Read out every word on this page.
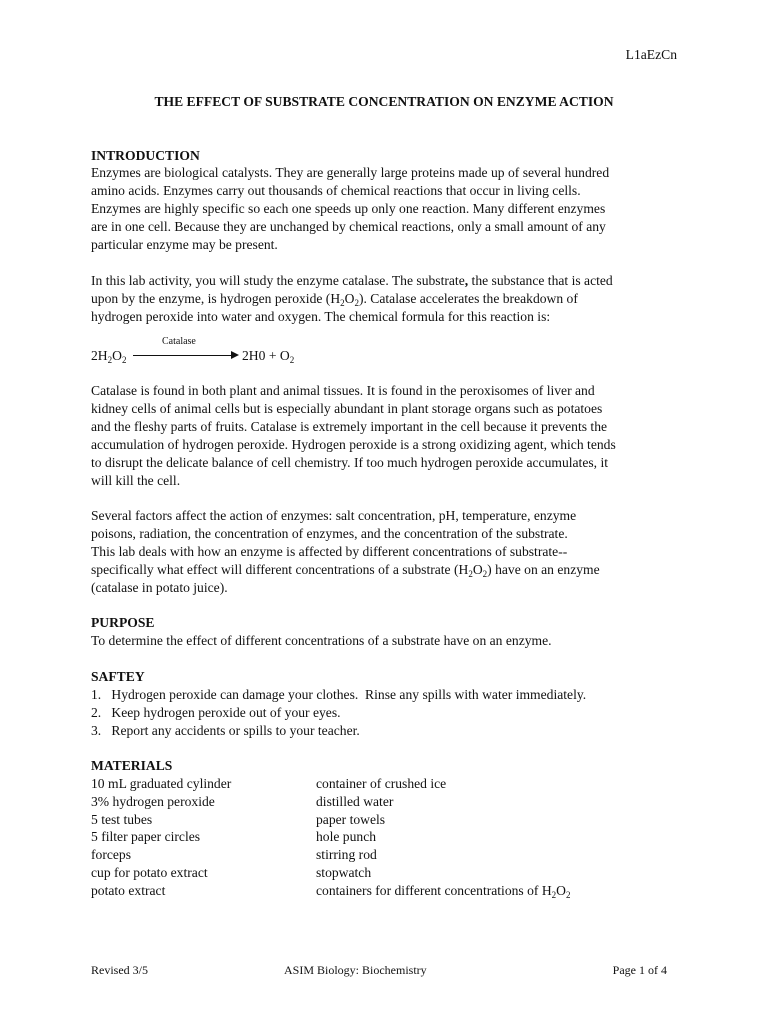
L1aEzCn
THE EFFECT OF SUBSTRATE CONCENTRATION ON ENZYME ACTION
INTRODUCTION

Enzymes are biological catalysts. They are generally large proteins made up of several hundred
amino acids. Enzymes carry out thousands of chemical reactions that occur in living cells.
Enzymes are highly specific so each one speeds up only one reaction. Many different enzymes
are in one cell. Because they are unchanged by chemical reactions, only a small amount of any
particular enzyme may be present.

In this lab activity, you will study the enzyme catalase. The substrate, the substance that is acted
upon by the enzyme, is hydrogen peroxide $(H_2O_2)$. Catalase accelerates the breakdown of
hydrogen peroxide into water and oxygen. The chemical formula for this reaction is:

Catalase
$2H_2O_2$	$2H0 + O_2$

Catalase is found in both plant and animal tissues. It is found in the peroxisomes of liver and
kidney cells of animal cells but is especially abundant in plant storage organs such as potatoes
and the fleshy parts of fruits. Catalase is extremely important in the cell because it prevents the
accumulation of hydrogen peroxide. Hydrogen peroxide is a strong oxidizing agent, which tends
to disrupt the delicate balance of cell chemistry. If too much hydrogen peroxide accumulates, it
will kill the cell.

Several factors affect the action of enzymes: salt concentration, pH, temperature, enzyme
poisons, radiation, the concentration of enzymes, and the concentration of the substrate.
This lab deals with how an enzyme is affected by different concentrations of substrate--
specifically what effect will different concentrations of a substrate $(H_2O_2)$ have on an enzyme
(catalase in potato juice).

PURPOSE
To determine the effect of different concentrations of a substrate have on an enzyme.
SAFTEY

1.   Hydrogen peroxide can damage your clothes.  Rinse any spills with water immediately.
2.   Keep hydrogen peroxide out of your eyes.
3.   Report any accidents or spills to your teacher.

MATERIALS
10 mL graduated cylinder	container of crushed ice
3% hydrogen peroxide	distilled water
5 test tubes	paper towels
5 filter paper circles	hole punch
forceps	stirring rod
cup for potato extract	stopwatch
potato extract	containers for different concentrations of $H_2O_2$
Revised 3/5	ASIM Biology: Biochemistry	Page 1 of 4
